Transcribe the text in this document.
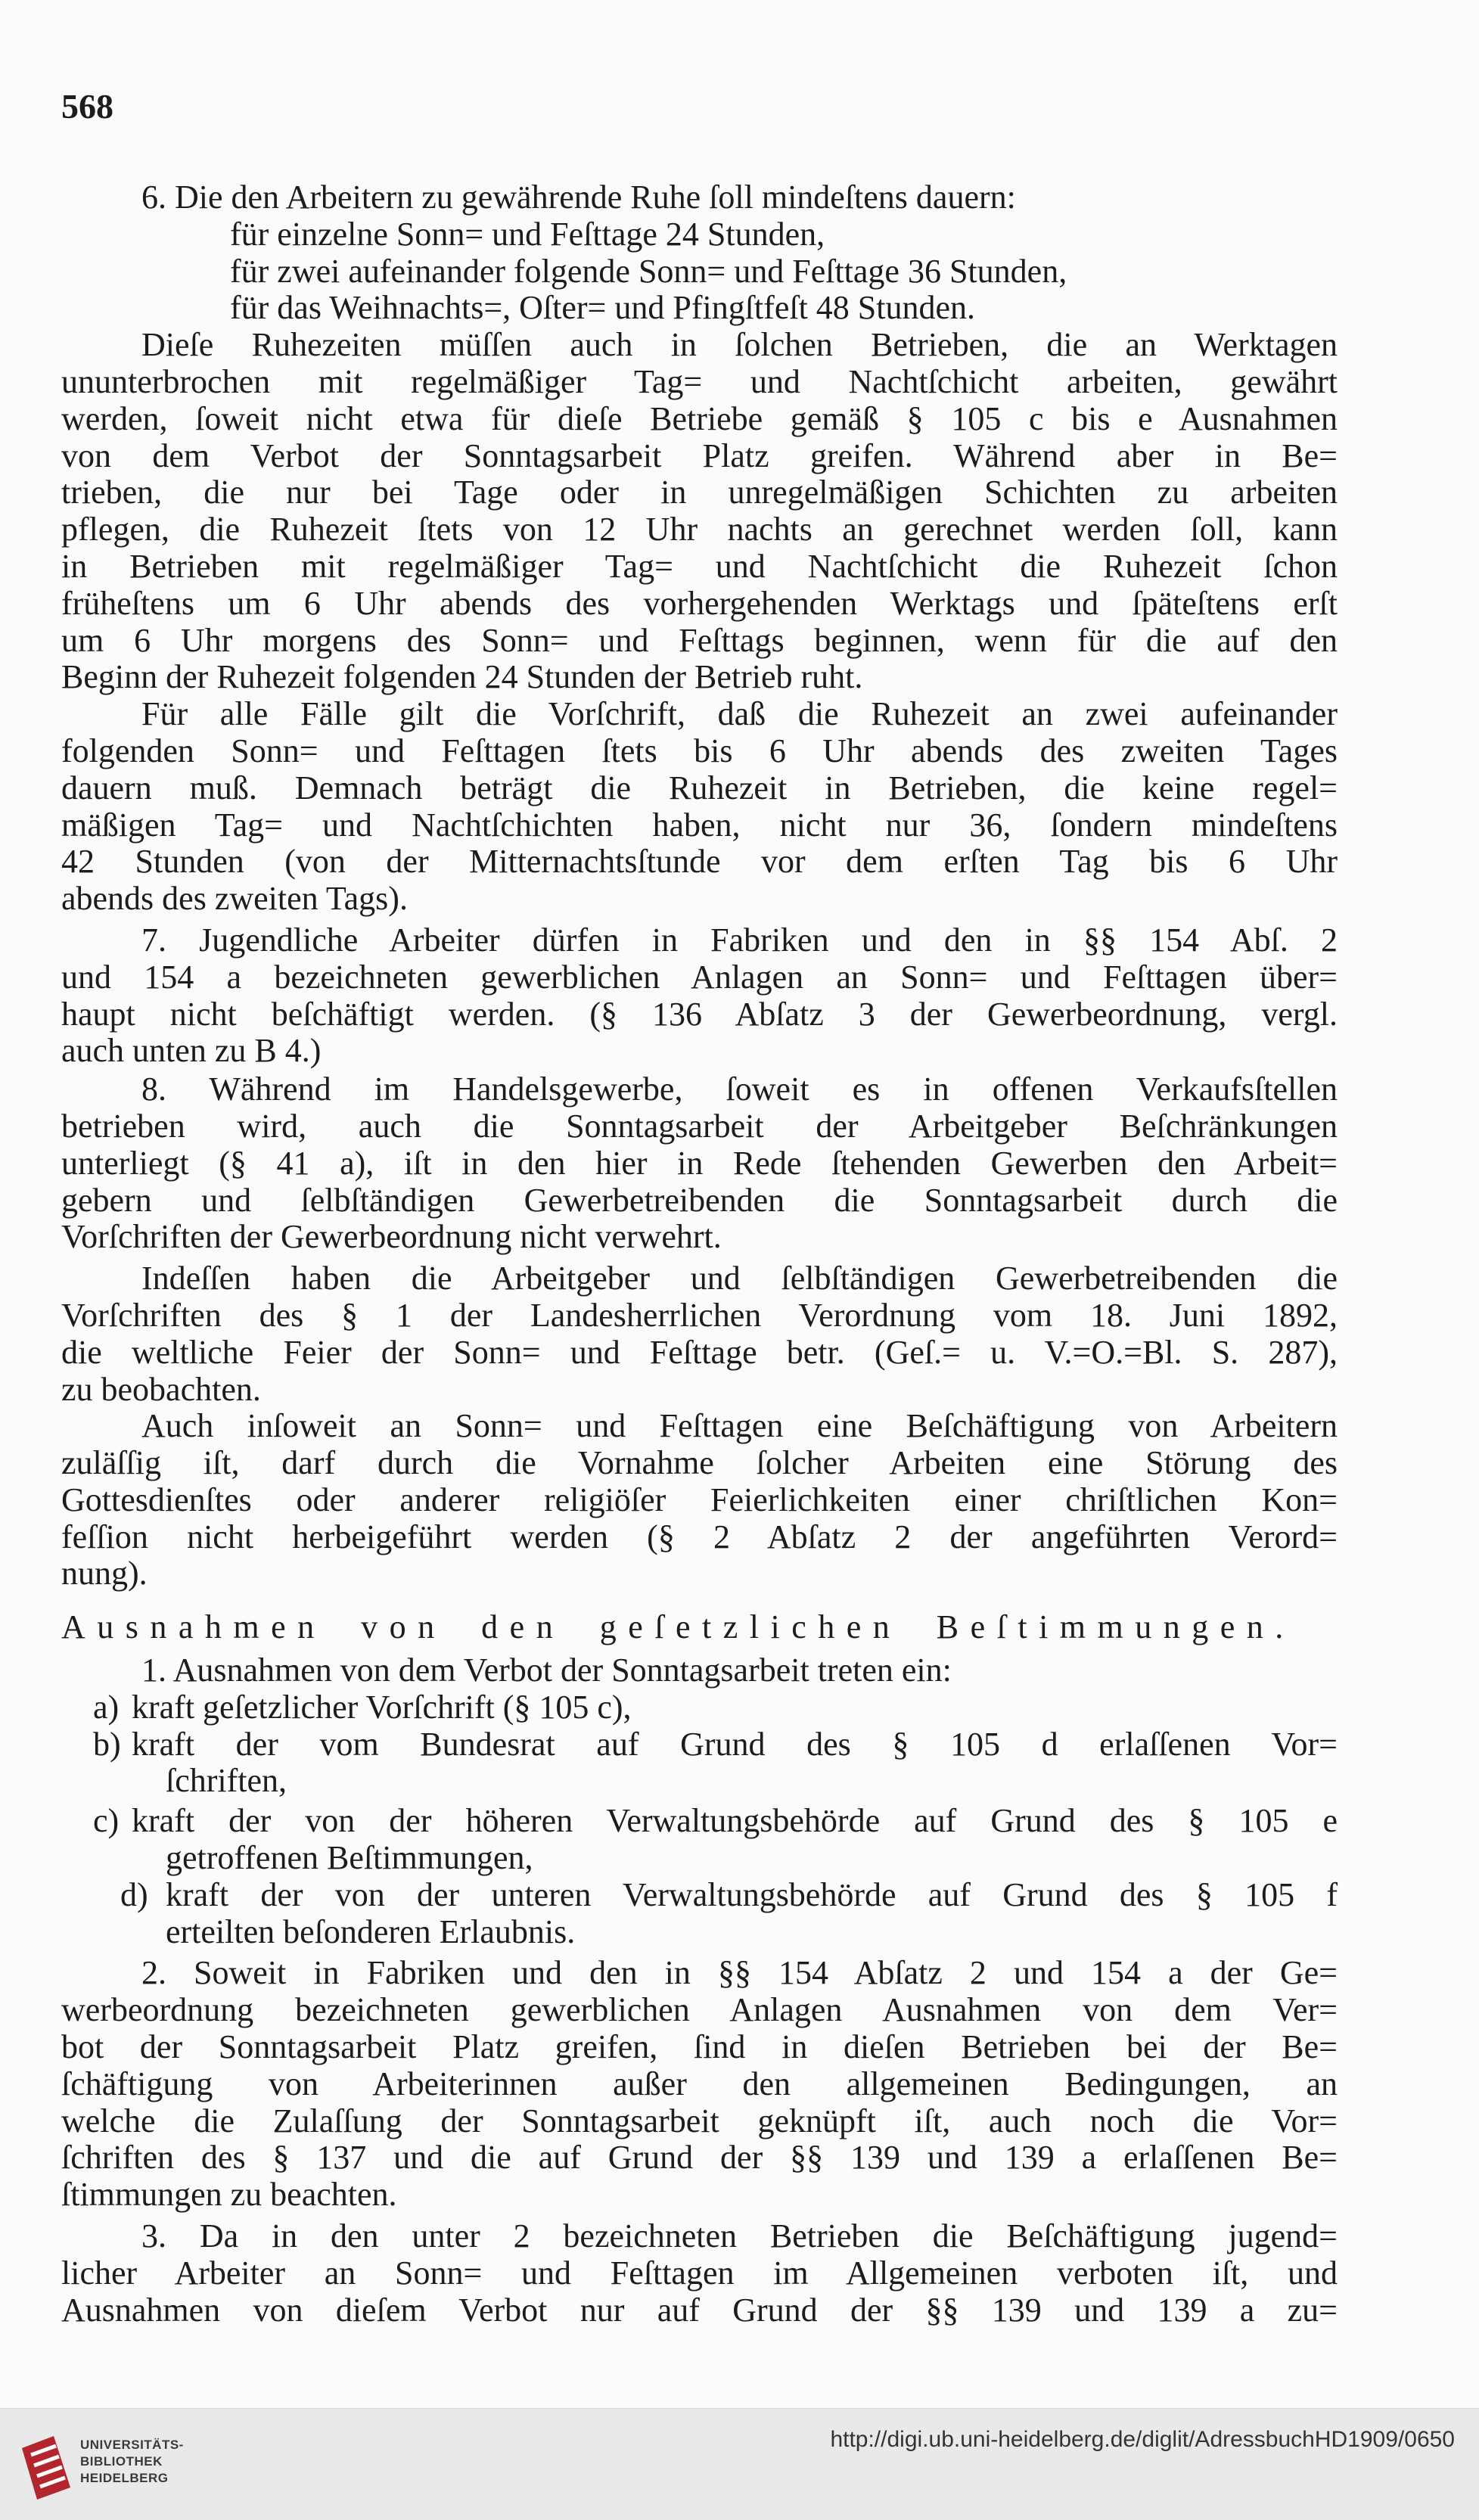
568
6. Die den Arbeitern zu gewährende Ruhe ſoll mindeſtens dauern:
für einzelne Sonn= und Feſttage 24 Stunden,
für zwei aufeinander folgende Sonn= und Feſttage 36 Stunden,
für das Weihnachts=, Oſter= und Pfingſtfeſt 48 Stunden.
Dieſe Ruhezeiten müſſen auch in ſolchen Betrieben, die an Werktagen
ununterbrochen mit regelmäßiger Tag= und Nachtſchicht arbeiten, gewährt
werden, ſoweit nicht etwa für dieſe Betriebe gemäß § 105 c bis e Ausnahmen
von dem Verbot der Sonntagsarbeit Platz greifen. Während aber in Be=
trieben, die nur bei Tage oder in unregelmäßigen Schichten zu arbeiten
pflegen, die Ruhezeit ſtets von 12 Uhr nachts an gerechnet werden ſoll, kann
in Betrieben mit regelmäßiger Tag= und Nachtſchicht die Ruhezeit ſchon
früheſtens um 6 Uhr abends des vorhergehenden Werktags und ſpäteſtens erſt
um 6 Uhr morgens des Sonn= und Feſttags beginnen, wenn für die auf den
Beginn der Ruhezeit folgenden 24 Stunden der Betrieb ruht.
Für alle Fälle gilt die Vorſchrift, daß die Ruhezeit an zwei aufeinander
folgenden Sonn= und Feſttagen ſtets bis 6 Uhr abends des zweiten Tages
dauern muß. Demnach beträgt die Ruhezeit in Betrieben, die keine regel=
mäßigen Tag= und Nachtſchichten haben, nicht nur 36, ſondern mindeſtens
42 Stunden (von der Mitternachtsſtunde vor dem erſten Tag bis 6 Uhr
abends des zweiten Tags).
7. Jugendliche Arbeiter dürfen in Fabriken und den in §§ 154 Abſ. 2
und 154 a bezeichneten gewerblichen Anlagen an Sonn= und Feſttagen über=
haupt nicht beſchäftigt werden. (§ 136 Abſatz 3 der Gewerbeordnung, vergl.
auch unten zu B 4.)
8. Während im Handelsgewerbe, ſoweit es in offenen Verkaufsſtellen
betrieben wird, auch die Sonntagsarbeit der Arbeitgeber Beſchränkungen
unterliegt (§ 41 a), iſt in den hier in Rede ſtehenden Gewerben den Arbeit=
gebern und ſelbſtändigen Gewerbetreibenden die Sonntagsarbeit durch die
Vorſchriften der Gewerbeordnung nicht verwehrt.
Indeſſen haben die Arbeitgeber und ſelbſtändigen Gewerbetreibenden die
Vorſchriften des § 1 der Landesherrlichen Verordnung vom 18. Juni 1892,
die weltliche Feier der Sonn= und Feſttage betr. (Geſ.= u. V.=O.=Bl. S. 287),
zu beobachten.
Auch inſoweit an Sonn= und Feſttagen eine Beſchäftigung von Arbeitern
zuläſſig iſt, darf durch die Vornahme ſolcher Arbeiten eine Störung des
Gottesdienſtes oder anderer religiöſer Feierlichkeiten einer chriſtlichen Kon=
feſſion nicht herbeigeführt werden (§ 2 Abſatz 2 der angeführten Verord=
nung).
Ausnahmen von den geſetzlichen Beſtimmungen.
1. Ausnahmen von dem Verbot der Sonntagsarbeit treten ein:
a) kraft geſetzlicher Vorſchrift (§ 105 c),
b) kraft der vom Bundesrat auf Grund des § 105 d erlaſſenen Vor=
ſchriften,
c) kraft der von der höheren Verwaltungsbehörde auf Grund des § 105 e
getroffenen Beſtimmungen,
d) kraft der von der unteren Verwaltungsbehörde auf Grund des § 105 f
erteilten beſonderen Erlaubnis.
2. Soweit in Fabriken und den in §§ 154 Abſatz 2 und 154 a der Ge=
werbeordnung bezeichneten gewerblichen Anlagen Ausnahmen von dem Ver=
bot der Sonntagsarbeit Platz greifen, ſind in dieſen Betrieben bei der Be=
ſchäftigung von Arbeiterinnen außer den allgemeinen Bedingungen, an
welche die Zulaſſung der Sonntagsarbeit geknüpft iſt, auch noch die Vor=
ſchriften des § 137 und die auf Grund der §§ 139 und 139 a erlaſſenen Be=
ſtimmungen zu beachten.
3. Da in den unter 2 bezeichneten Betrieben die Beſchäftigung jugend=
licher Arbeiter an Sonn= und Feſttagen im Allgemeinen verboten iſt, und
Ausnahmen von dieſem Verbot nur auf Grund der §§ 139 und 139 a zu=
UNIVERSITÄTS-
BIBLIOTHEK
HEIDELBERG
http://digi.ub.uni-heidelberg.de/diglit/AdressbuchHD1909/0650
